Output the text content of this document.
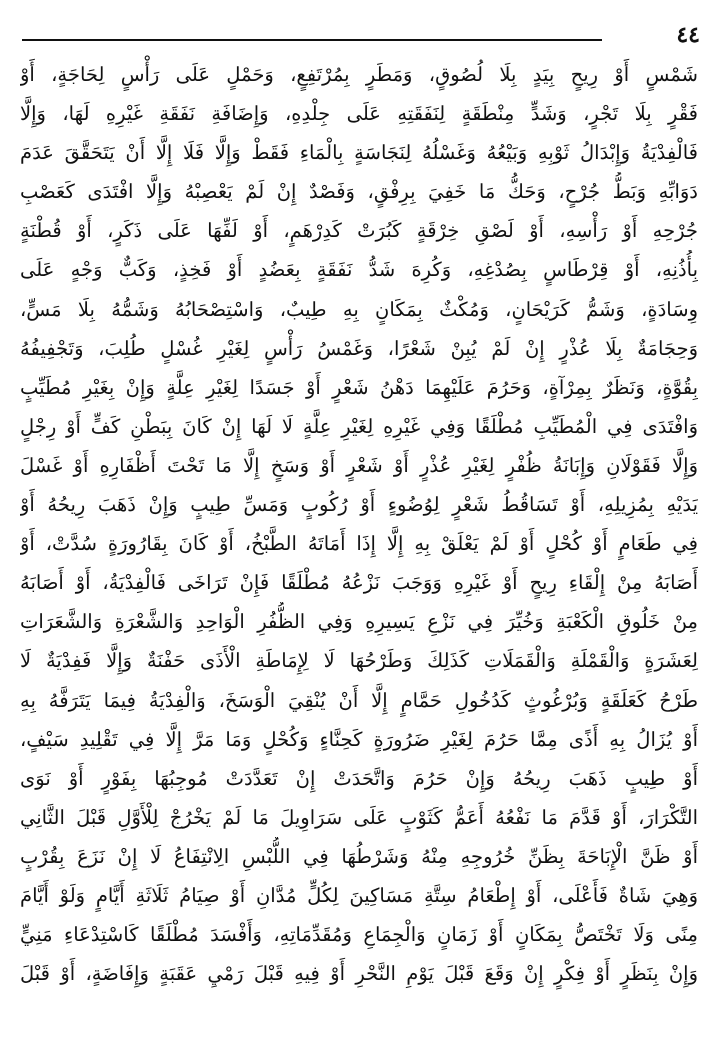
٤٤
شَمْسٍ أَوْ رِيحٍ بِيَدٍ بِلَا لُصُوقٍ، وَمَطَرٍ بِمُرْتَفِعٍ، وَحَمْلٍ عَلَى رَأْسٍ لِحَاجَةٍ، أَوْ
فَقْرٍ بِلَا تَجْرٍ، وَشَدٍّ مِنْطَقَةٍ لِنَفَقَتِهِ عَلَى جِلْدِهِ، وَإِضَافَةِ نَفَقَةِ غَيْرِهِ لَهَا، وَإِلَّا
فَالْفِدْيَةُ وَإِبْدَالُ ثَوْبِهِ وَبَيْعُهُ وَغَسْلُهُ لِنَجَاسَةٍ بِالْمَاءِ فَقَطْ وَإِلَّا فَلَا إِلَّا أَنْ يَتَحَقَّقَ عَدَمَ
دَوَابِّهِ وَبَطُّ جُرْحٍ، وَحَكُّ مَا خَفِيَ بِرِفْقٍ، وَفَصْدٌ إِنْ لَمْ يَعْصِبْهُ وَإِلَّا افْتَدَى كَعَصْبِ
جُرْحِهِ أَوْ رَأْسِهِ، أَوْ لَصْقِ خِرْقَةٍ كَبُرَتْ كَدِرْهَمٍ، أَوْ لَفِّهَا عَلَى ذَكَرٍ، أَوْ قُطْنَةٍ
بِأُذُنِهِ، أَوْ قِرْطَاسٍ بِصُدْغِهِ، وَكُرِهَ شَدُّ نَفَقَةٍ بِعَضُدٍ أَوْ فَخِذٍ، وَكَبٌّ وَجْهٍ عَلَى
وِسَادَةٍ، وَشَمُّ كَرَيْحَانٍ، وَمُكْثٌ بِمَكَانٍ بِهِ طِيبٌ، وَاسْتِصْحَابُهُ وَشَمُّهُ بِلَا مَسٍّ،
وَحِجَامَةٌ بِلَا عُذْرٍ إِنْ لَمْ يُبِنْ شَعْرًا، وَغَمْسُ رَأْسٍ لِغَيْرِ غُسْلٍ طُلِبَ، وَتَجْفِيفُهُ
بِقُوَّةٍ، وَنَظَرٌ بِمِرْآةٍ، وَحَرُمَ عَلَيْهِمَا دَهْنُ شَعْرٍ أَوْ جَسَدًا لِغَيْرِ عِلَّةٍ وَإِنْ بِغَيْرِ مُطَيِّبٍ
وَافْتَدَى فِي الْمُطَيِّبِ مُطْلَقًا وَفِي غَيْرِهِ لِغَيْرِ عِلَّةٍ لَا لَهَا إِنْ كَانَ بِبَطْنِ كَفٍّ أَوْ رِجْلٍ
وَإِلَّا فَقَوْلَانِ وَإِبَانَةُ ظُفْرٍ لِغَيْرِ عُذْرٍ أَوْ شَعْرٍ أَوْ وَسَخٍ إِلَّا مَا تَحْتَ أَظْفَارِهِ أَوْ غَسْلَ
يَدَيْهِ بِمُزِيلِهِ، أَوْ تَسَاقُطُ شَعْرٍ لِوُضُوءٍ أَوْ رُكُوبٍ وَمَسِّ طِيبٍ وَإِنْ ذَهَبَ رِيحُهُ أَوْ
فِي طَعَامٍ أَوْ كُحْلٍ أَوْ لَمْ يَعْلَقْ بِهِ إِلَّا إِذَا أَمَاتَهُ الطَّبْخُ، أَوْ كَانَ بِقَارُورَةٍ سُدَّتْ، أَوْ
أَصَابَهُ مِنْ إِلْقَاءِ رِيحٍ أَوْ غَيْرِهِ وَوَجَبَ نَزْعُهُ مُطْلَقًا فَإِنْ تَرَاخَى فَالْفِدْيَةُ، أَوْ أَصَابَهُ
مِنْ خَلُوقِ الْكَعْبَةِ وَخُيِّرَ فِي نَزْعِ يَسِيرِهِ وَفِي الظُّفُرِ الْوَاحِدِ وَالشَّعْرَةِ وَالشَّعَرَاتِ
لِعَشَرَةٍ وَالْقَمْلَةِ وَالْقَمَلَاتِ كَذَلِكَ وَطَرْحُهَا لَا لِإِمَاطَةِ الْأَذَى حَفْنَةٌ وَإِلَّا فَفِدْيَةٌ لَا
طَرْحُ كَعَلَقَةٍ وَبُرْغُوثٍ كَدُخُولِ حَمَّامٍ إِلَّا أَنْ يُنْقِيَ الْوَسَخَ، وَالْفِدْيَةُ فِيمَا يَتَرَفَّهُ بِهِ
أَوْ يُزَالُ بِهِ أَذًى مِمَّا حَرُمَ لِغَيْرِ ضَرُورَةٍ كَحِنَّاءٍ وَكُحْلٍ وَمَا مَرَّ إِلَّا فِي تَقْلِيدِ سَيْفٍ،
أَوْ طِيبٍ ذَهَبَ رِيحُهُ وَإِنْ حَرُمَ وَاتَّحَدَتْ إِنْ تَعَدَّدَتْ مُوجِبُهَا بِفَوْرٍ أَوْ نَوَى
التَّكْرَارَ، أَوْ قَدَّمَ مَا نَفْعُهُ أَعَمُّ كَثَوْبٍ عَلَى سَرَاوِيلَ مَا لَمْ يَخْرُجْ لِلْأَوَّلِ قَبْلَ الثَّانِي
أَوْ ظَنَّ الْإِبَاحَةَ بِظَنِّ خُرُوجِهِ مِنْهُ وَشَرْطُهَا فِي اللُّبْسِ الِانْتِفَاعُ لَا إِنْ نَزَعَ بِقُرْبٍ
وَهِيَ شَاةٌ فَأَعْلَى، أَوْ إِطْعَامُ سِتَّةِ مَسَاكِينَ لِكُلٍّ مُدَّانِ أَوْ صِيَامُ ثَلَاثَةِ أَيَّامٍ وَلَوْ أَيَّامَ
مِنًى وَلَا تَخْتَصُّ بِمَكَانٍ أَوْ زَمَانٍ وَالْجِمَاعِ وَمُقَدِّمَاتِهِ، وَأَفْسَدَ مُطْلَقًا كَاسْتِدْعَاءِ مَنِيٍّ
وَإِنْ بِنَظَرٍ أَوْ فِكْرٍ إِنْ وَقَعَ قَبْلَ يَوْمِ النَّحْرِ أَوْ فِيهِ قَبْلَ رَمْيِ عَقَبَةٍ وَإِفَاضَةٍ، أَوْ قَبْلَ
